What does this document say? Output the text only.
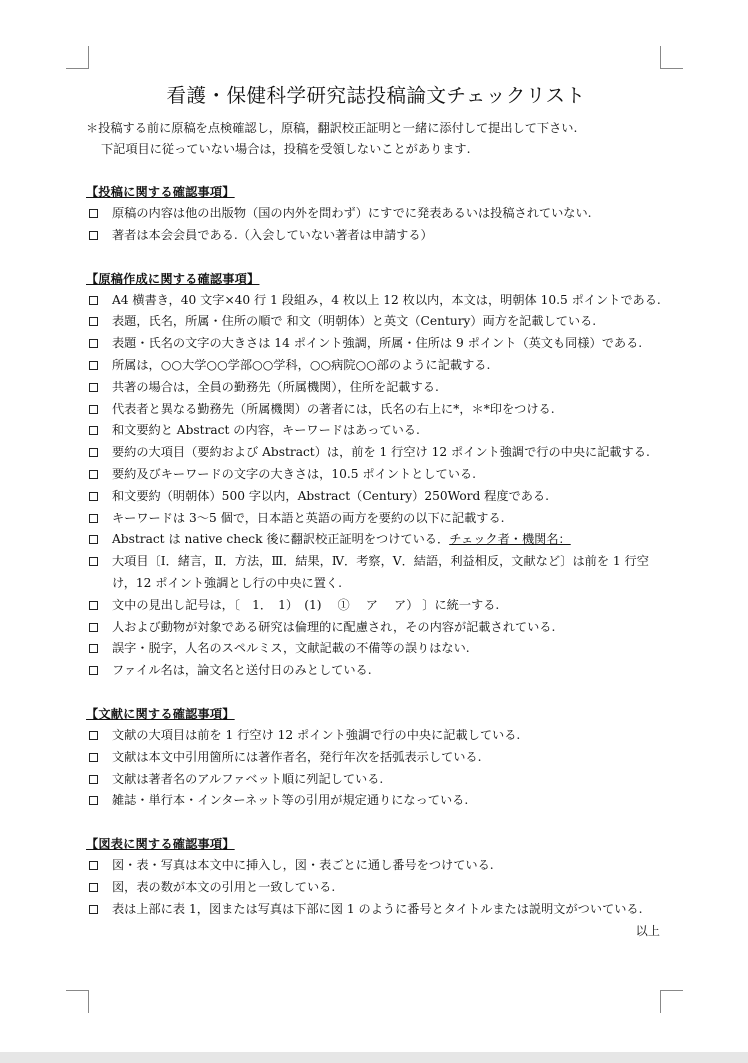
看護・保健科学研究誌投稿論文チェックリスト
＊投稿する前に原稿を点検確認し，原稿，翻訳校正証明と一緒に添付して提出して下さい.
下記項目に従っていない場合は，投稿を受領しないことがあります.
【投稿に関する確認事項】
原稿の内容は他の出版物（国の内外を問わず）にすでに発表あるいは投稿されていない.
著者は本会会員である.（入会していない著者は申請する）
【原稿作成に関する確認事項】
A4 横書き，40 文字×40 行 1 段組み，4 枚以上 12 枚以内，本文は，明朝体 10.5 ポイントである.
表題，氏名，所属・住所の順で 和文（明朝体）と英文（Century）両方を記載している.
表題・氏名の文字の大きさは 14 ポイント強調，所属・住所は 9 ポイント（英文も同様）である.
所属は，○○大学○○学部○○学科，○○病院○○部のように記載する.
共著の場合は，全員の勤務先（所属機関），住所を記載する.
代表者と異なる勤務先（所属機関）の著者には，氏名の右上に*，＊*印をつける.
和文要約と Abstract の内容，キーワードはあっている.
要約の大項目（要約および Abstract）は，前を 1 行空け 12 ポイント強調で行の中央に記載する.
要約及びキーワードの文字の大きさは，10.5 ポイントとしている.
和文要約（明朝体）500 字以内，Abstract（Century）250Word 程度である.
キーワードは 3～5 個で，日本語と英語の両方を要約の以下に記載する.
Abstract は native check 後に翻訳校正証明をつけている．チェック者・機関名：
大項目〔Ⅰ．緒言，Ⅱ．方法，Ⅲ．結果，Ⅳ．考察，Ⅴ．結語，利益相反，文献など〕は前を 1 行空け，12 ポイント強調とし行の中央に置く.
文中の見出し記号は，〔　1．　1）　(1)　 ①　 ア　 ア） 〕に統一する.
人および動物が対象である研究は倫理的に配慮され，その内容が記載されている.
誤字・脱字，人名のスペルミス，文献記載の不備等の誤りはない.
ファイル名は，論文名と送付日のみとしている.
【文献に関する確認事項】
文献の大項目は前を 1 行空け 12 ポイント強調で行の中央に記載している.
文献は本文中引用箇所には著作者名，発行年次を括弧表示している.
文献は著者名のアルファベット順に列記している.
雑誌・単行本・インターネット等の引用が規定通りになっている.
【図表に関する確認事項】
図・表・写真は本文中に挿入し，図・表ごとに通し番号をつけている.
図，表の数が本文の引用と一致している.
表は上部に表 1，図または写真は下部に図 1 のように番号とタイトルまたは説明文がついている.
以上
